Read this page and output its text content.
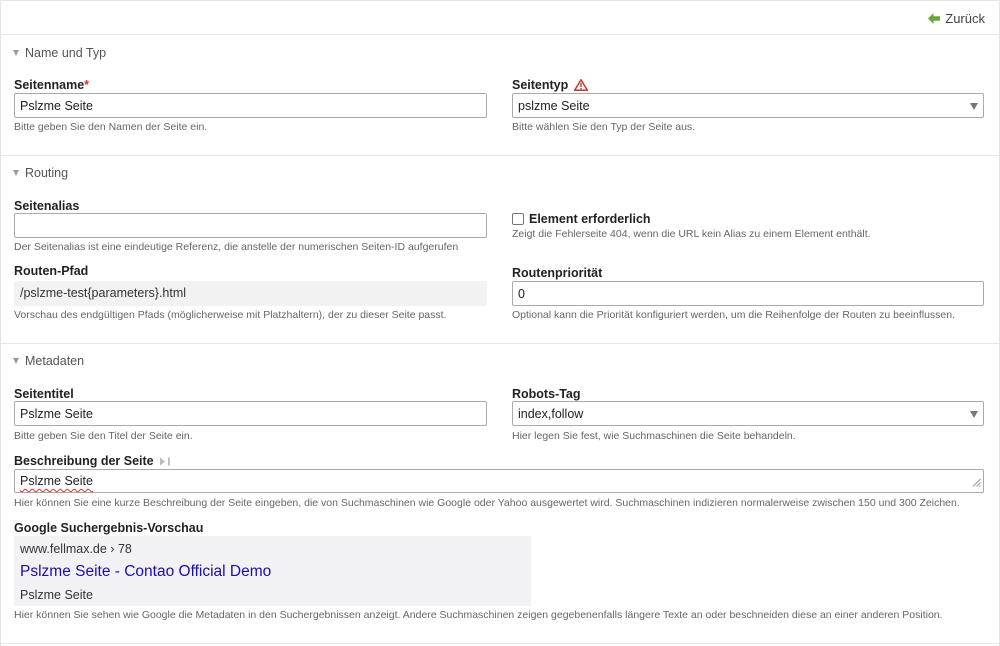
Zurück
Name und Typ
Seitenname*
Pslzme Seite
Bitte geben Sie den Namen der Seite ein.
Seitentyp
pslzme Seite
Bitte wählen Sie den Typ der Seite aus.
Routing
Seitenalias
Der Seitenalias ist eine eindeutige Referenz, die anstelle der numerischen Seiten-ID aufgerufen
Element erforderlich
Zeigt die Fehlerseite 404, wenn die URL kein Alias zu einem Element enthält.
Routen-Pfad
/pslzme-test{parameters}.html
Vorschau des endgültigen Pfads (möglicherweise mit Platzhaltern), der zu dieser Seite passt.
Routenpriorität
0
Optional kann die Priorität konfiguriert werden, um die Reihenfolge der Routen zu beeinflussen.
Metadaten
Seitentitel
Pslzme Seite
Bitte geben Sie den Titel der Seite ein.
Robots-Tag
index,follow
Hier legen Sie fest, wie Suchmaschinen die Seite behandeln.
Beschreibung der Seite
Pslzme Seite
Hier können Sie eine kurze Beschreibung der Seite eingeben, die von Suchmaschinen wie Google oder Yahoo ausgewertet wird. Suchmaschinen indizieren normalerweise zwischen 150 und 300 Zeichen.
Google Suchergebnis-Vorschau
www.fellmax.de › 78
Pslzme Seite - Contao Official Demo
Pslzme Seite
Hier können Sie sehen wie Google die Metadaten in den Suchergebnissen anzeigt. Andere Suchmaschinen zeigen gegebenenfalls längere Texte an oder beschneiden diese an einer anderen Position.
